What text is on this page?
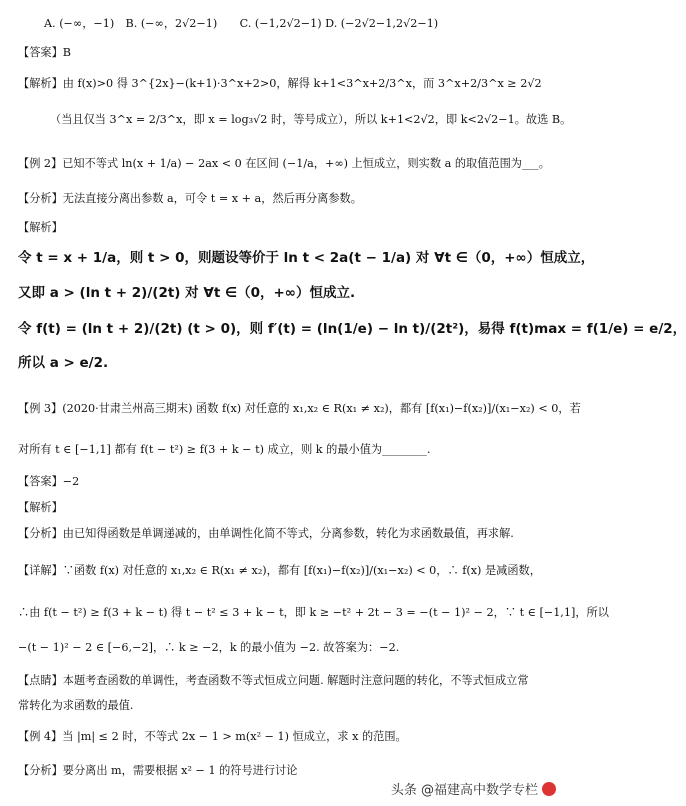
A. (−∞，−1)　B. (−∞，2√2−1)　　C. (−1,2√2−1) D. (−2√2−1,2√2−1)
【答案】B
【解析】由 f(x)>0 得 3^{2x}−(k+1)·3^x+2>0，解得 k+1<3^x+2/3^x，而 3^x+2/3^x ≥ 2√2
（当且仅当 3^x = 2/3^x，即 x = log₃√2 时，等号成立），所以 k+1<2√2，即 k<2√2−1。故选 B。
【例 2】已知不等式 ln(x + 1/a) − 2ax < 0 在区间 (−1/a，+∞) 上恒成立，则实数 a 的取值范围为___。
【分析】无法直接分离出参数 a，可令 t = x + a，然后再分离参数。
【解析】
令 t = x + 1/a，则 t > 0，则题设等价于 ln t < 2a(t − 1/a) 对 ∀t ∈（0，+∞）恒成立，
又即 a > (ln t + 2)/(2t) 对 ∀t ∈（0，+∞）恒成立.
令 f(t) = (ln t + 2)/(2t) (t > 0)，则 f′(t) = (ln(1/e) − ln t)/(2t²)，易得 f(t)max = f(1/e) = e/2，
所以 a > e/2.
【例 3】(2020·甘肃兰州高三期末) 函数 f(x) 对任意的 x₁,x₂ ∈ R(x₁ ≠ x₂)，都有 [f(x₁)−f(x₂)]/(x₁−x₂) < 0，若
对所有 t ∈ [−1,1] 都有 f(t − t²) ≥ f(3 + k − t) 成立，则 k 的最小值为________.
【答案】−2
【解析】
【分析】由已知得函数是单调递减的，由单调性化简不等式，分离参数，转化为求函数最值，再求解.
【详解】∵函数 f(x) 对任意的 x₁,x₂ ∈ R(x₁ ≠ x₂)，都有 [f(x₁)−f(x₂)]/(x₁−x₂) < 0，∴ f(x) 是减函数，
∴由 f(t − t²) ≥ f(3 + k − t) 得 t − t² ≤ 3 + k − t，即 k ≥ −t² + 2t − 3 = −(t − 1)² − 2，∵ t ∈ [−1,1]，所以
−(t − 1)² − 2 ∈ [−6,−2]，∴ k ≥ −2，k 的最小值为 −2. 故答案为：−2.
【点睛】本题考查函数的单调性，考查函数不等式恒成立问题. 解题时注意问题的转化，不等式恒成立常
常转化为求函数的最值.
【例 4】当 |m| ≤ 2 时，不等式 2x − 1 > m(x² − 1) 恒成立，求 x 的范围。
【分析】要分离出 m，需要根据 x² − 1 的符号进行讨论
头条 @福建高中数学专栏
